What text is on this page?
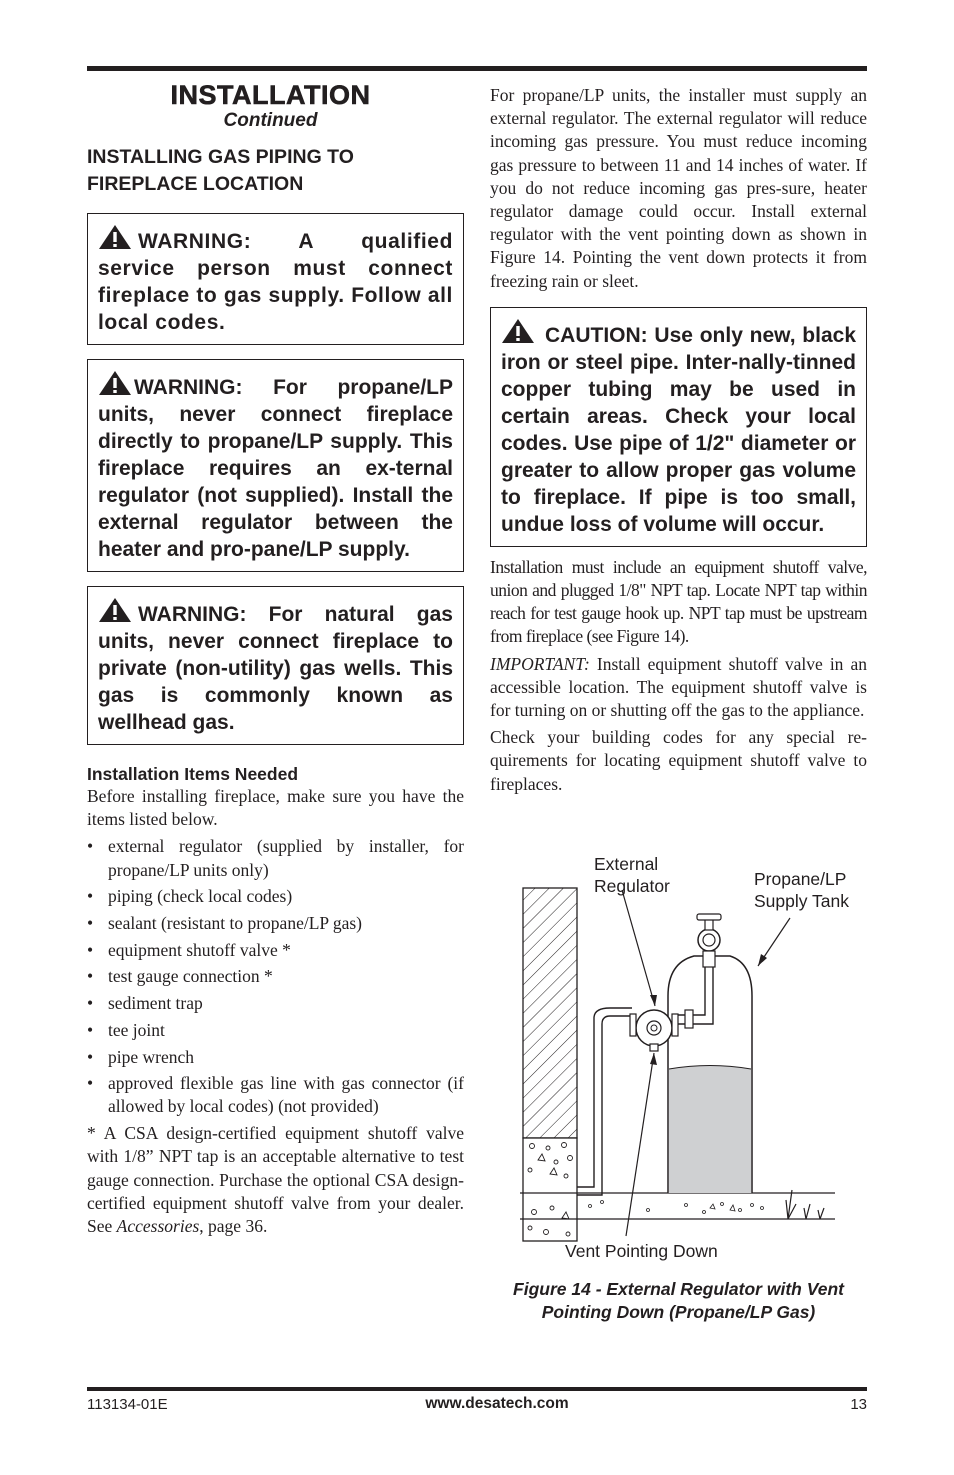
INSTALLATION
Continued
INSTALLING GAS PIPING TO
FIREPLACE LOCATION

WARNING: A qualified service person must connect fireplace to gas supply. Follow all local codes.

WARNING: For propane/LP units, never connect fireplace directly to propane/LP supply. This fireplace requires an ex-ternal regulator (not supplied). Install the external regulator between the heater and pro-pane/LP supply.

WARNING: For natural gas units, never connect fireplace to private (non-utility) gas wells. This gas is commonly known as wellhead gas.

Installation Items Needed

Before installing fireplace, make sure you have the items listed below.

• external regulator (supplied by installer, for propane/LP units only)
• piping (check local codes)
• sealant (resistant to propane/LP gas)
• equipment shutoff valve *
• test gauge connection *
• sediment trap
• tee joint
• pipe wrench
• approved flexible gas line with gas connector (if allowed by local codes) (not provided)

* A CSA design-certified equipment shutoff valve with 1/8” NPT tap is an acceptable alternative to test gauge connection. Purchase the optional CSA design-certified equipment shutoff valve from your dealer. See Accessories, page 36.

For propane/LP units, the installer must supply an external regulator. The external regulator will reduce incoming gas pressure. You must reduce incoming gas pressure to between 11 and 14 inches of water. If you do not reduce incoming gas pres-sure, heater regulator damage could occur. Install external regulator with the vent pointing down as shown in Figure 14. Pointing the vent down protects it from freezing rain or sleet.

CAUTION: Use only new, black iron or steel pipe. Inter-nally-tinned copper tubing may be used in certain areas. Check your local codes. Use pipe of 1/2" diameter or greater to allow proper gas volume to fireplace. If pipe is too small, undue loss of volume will occur.

Installation must include an equipment shutoff valve, union and plugged 1/8" NPT tap. Locate NPT tap within reach for test gauge hook up. NPT tap must be upstream from fireplace (see Figure 14).

IMPORTANT: Install equipment shutoff valve in an accessible location. The equipment shutoff valve is for turning on or shutting off the gas to the appliance.

Check your building codes for any special re-quirements for locating equipment shutoff valve to fireplaces.

External
Regulator	Propane/LP
Supply Tank
Vent Pointing Down
Figure 14 - External Regulator with Vent
Pointing Down (Propane/LP Gas)
113134-01E	www.desatech.com	13
